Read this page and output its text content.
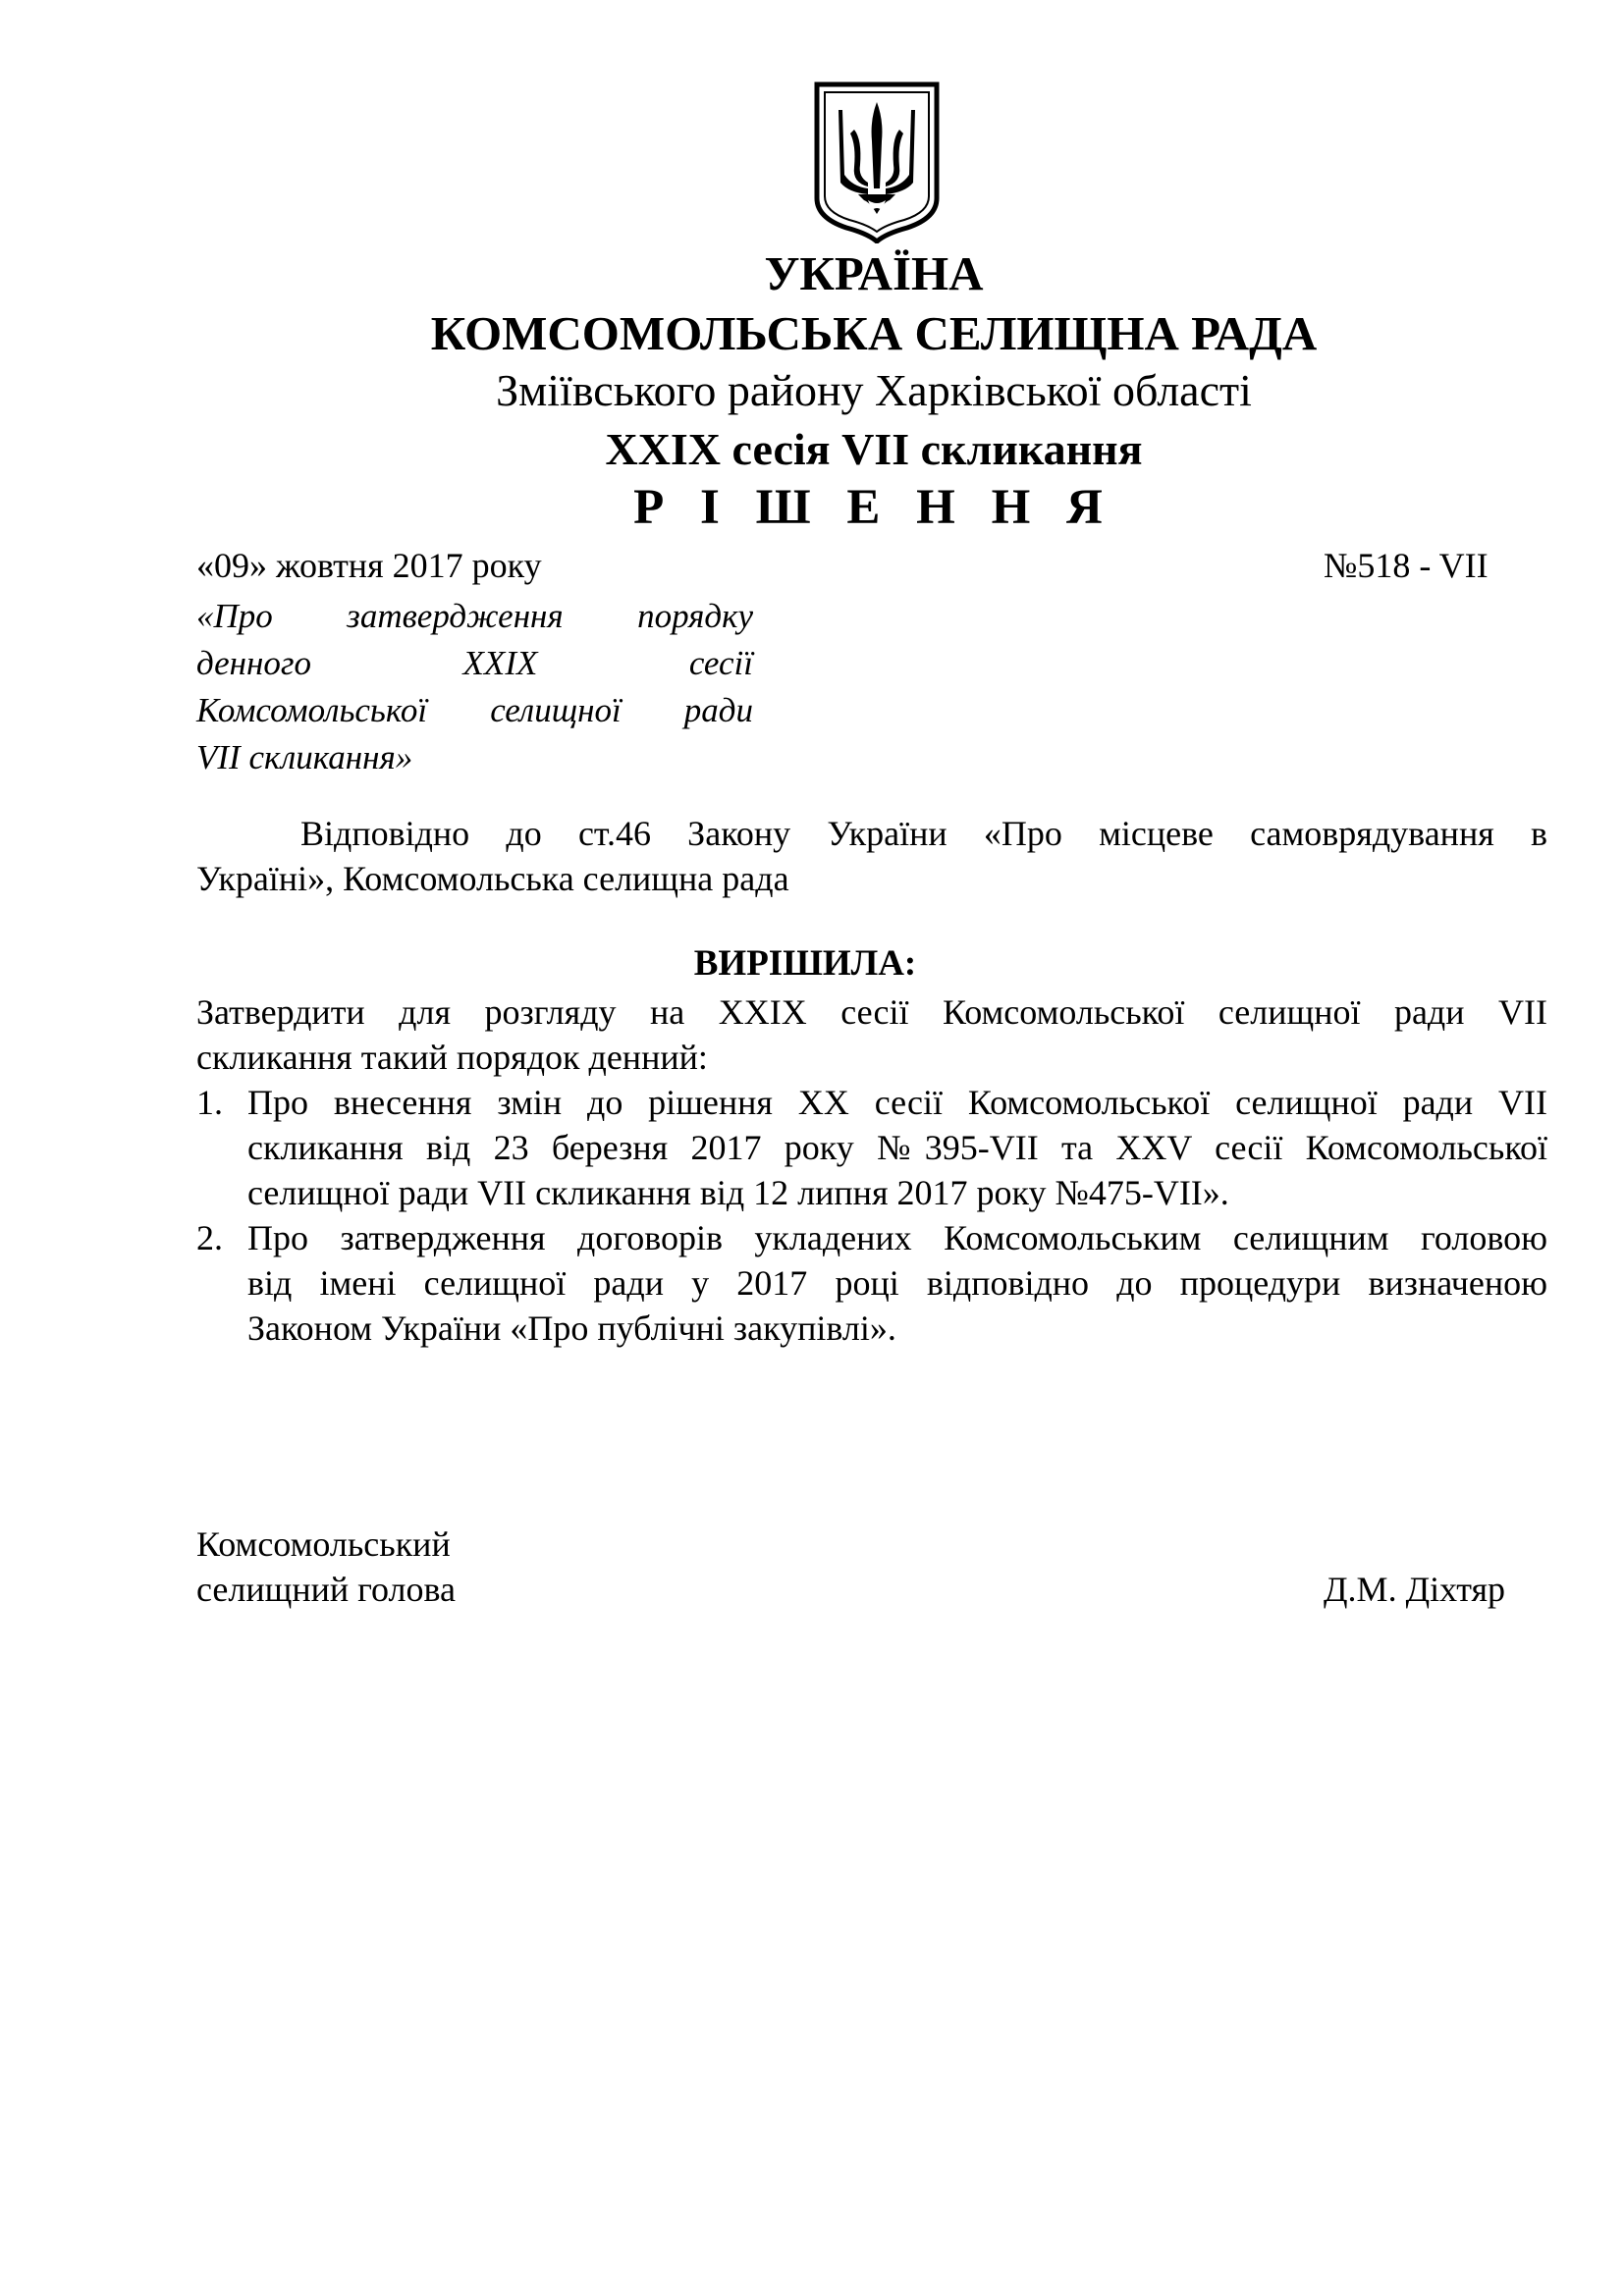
УКРАЇНА
КОМСОМОЛЬСЬКА СЕЛИЩНА РАДА
Зміївського району Харківської області
XXIX сесія VII скликання
Р І Ш Е Н Н Я
«09» жовтня 2017 року	№518 - VII
«Про затвердження порядку
денного XXIX сесії
Комсомольської селищної ради
VII скликання»
Відповідно до ст.46 Закону України «Про місцеве самоврядування в
Україні», Комсомольська селищна рада
ВИРІШИЛА:
Затвердити для розгляду на XXIX сесії Комсомольської селищної ради VII
скликання такий порядок денний:
1. Про внесення змін до рішення XX сесії Комсомольської селищної ради VII
скликання від 23 березня 2017 року №395-VII та XXV сесії Комсомольської
селищної ради VII скликання від 12 липня 2017 року №475-VII».
2. Про затвердження договорів укладених Комсомольським селищним головою
від імені селищної ради у 2017 році відповідно до процедури визначеною
Законом України «Про публічні закупівлі».
Комсомольський
селищний голова	Д.М. Діхтяр
